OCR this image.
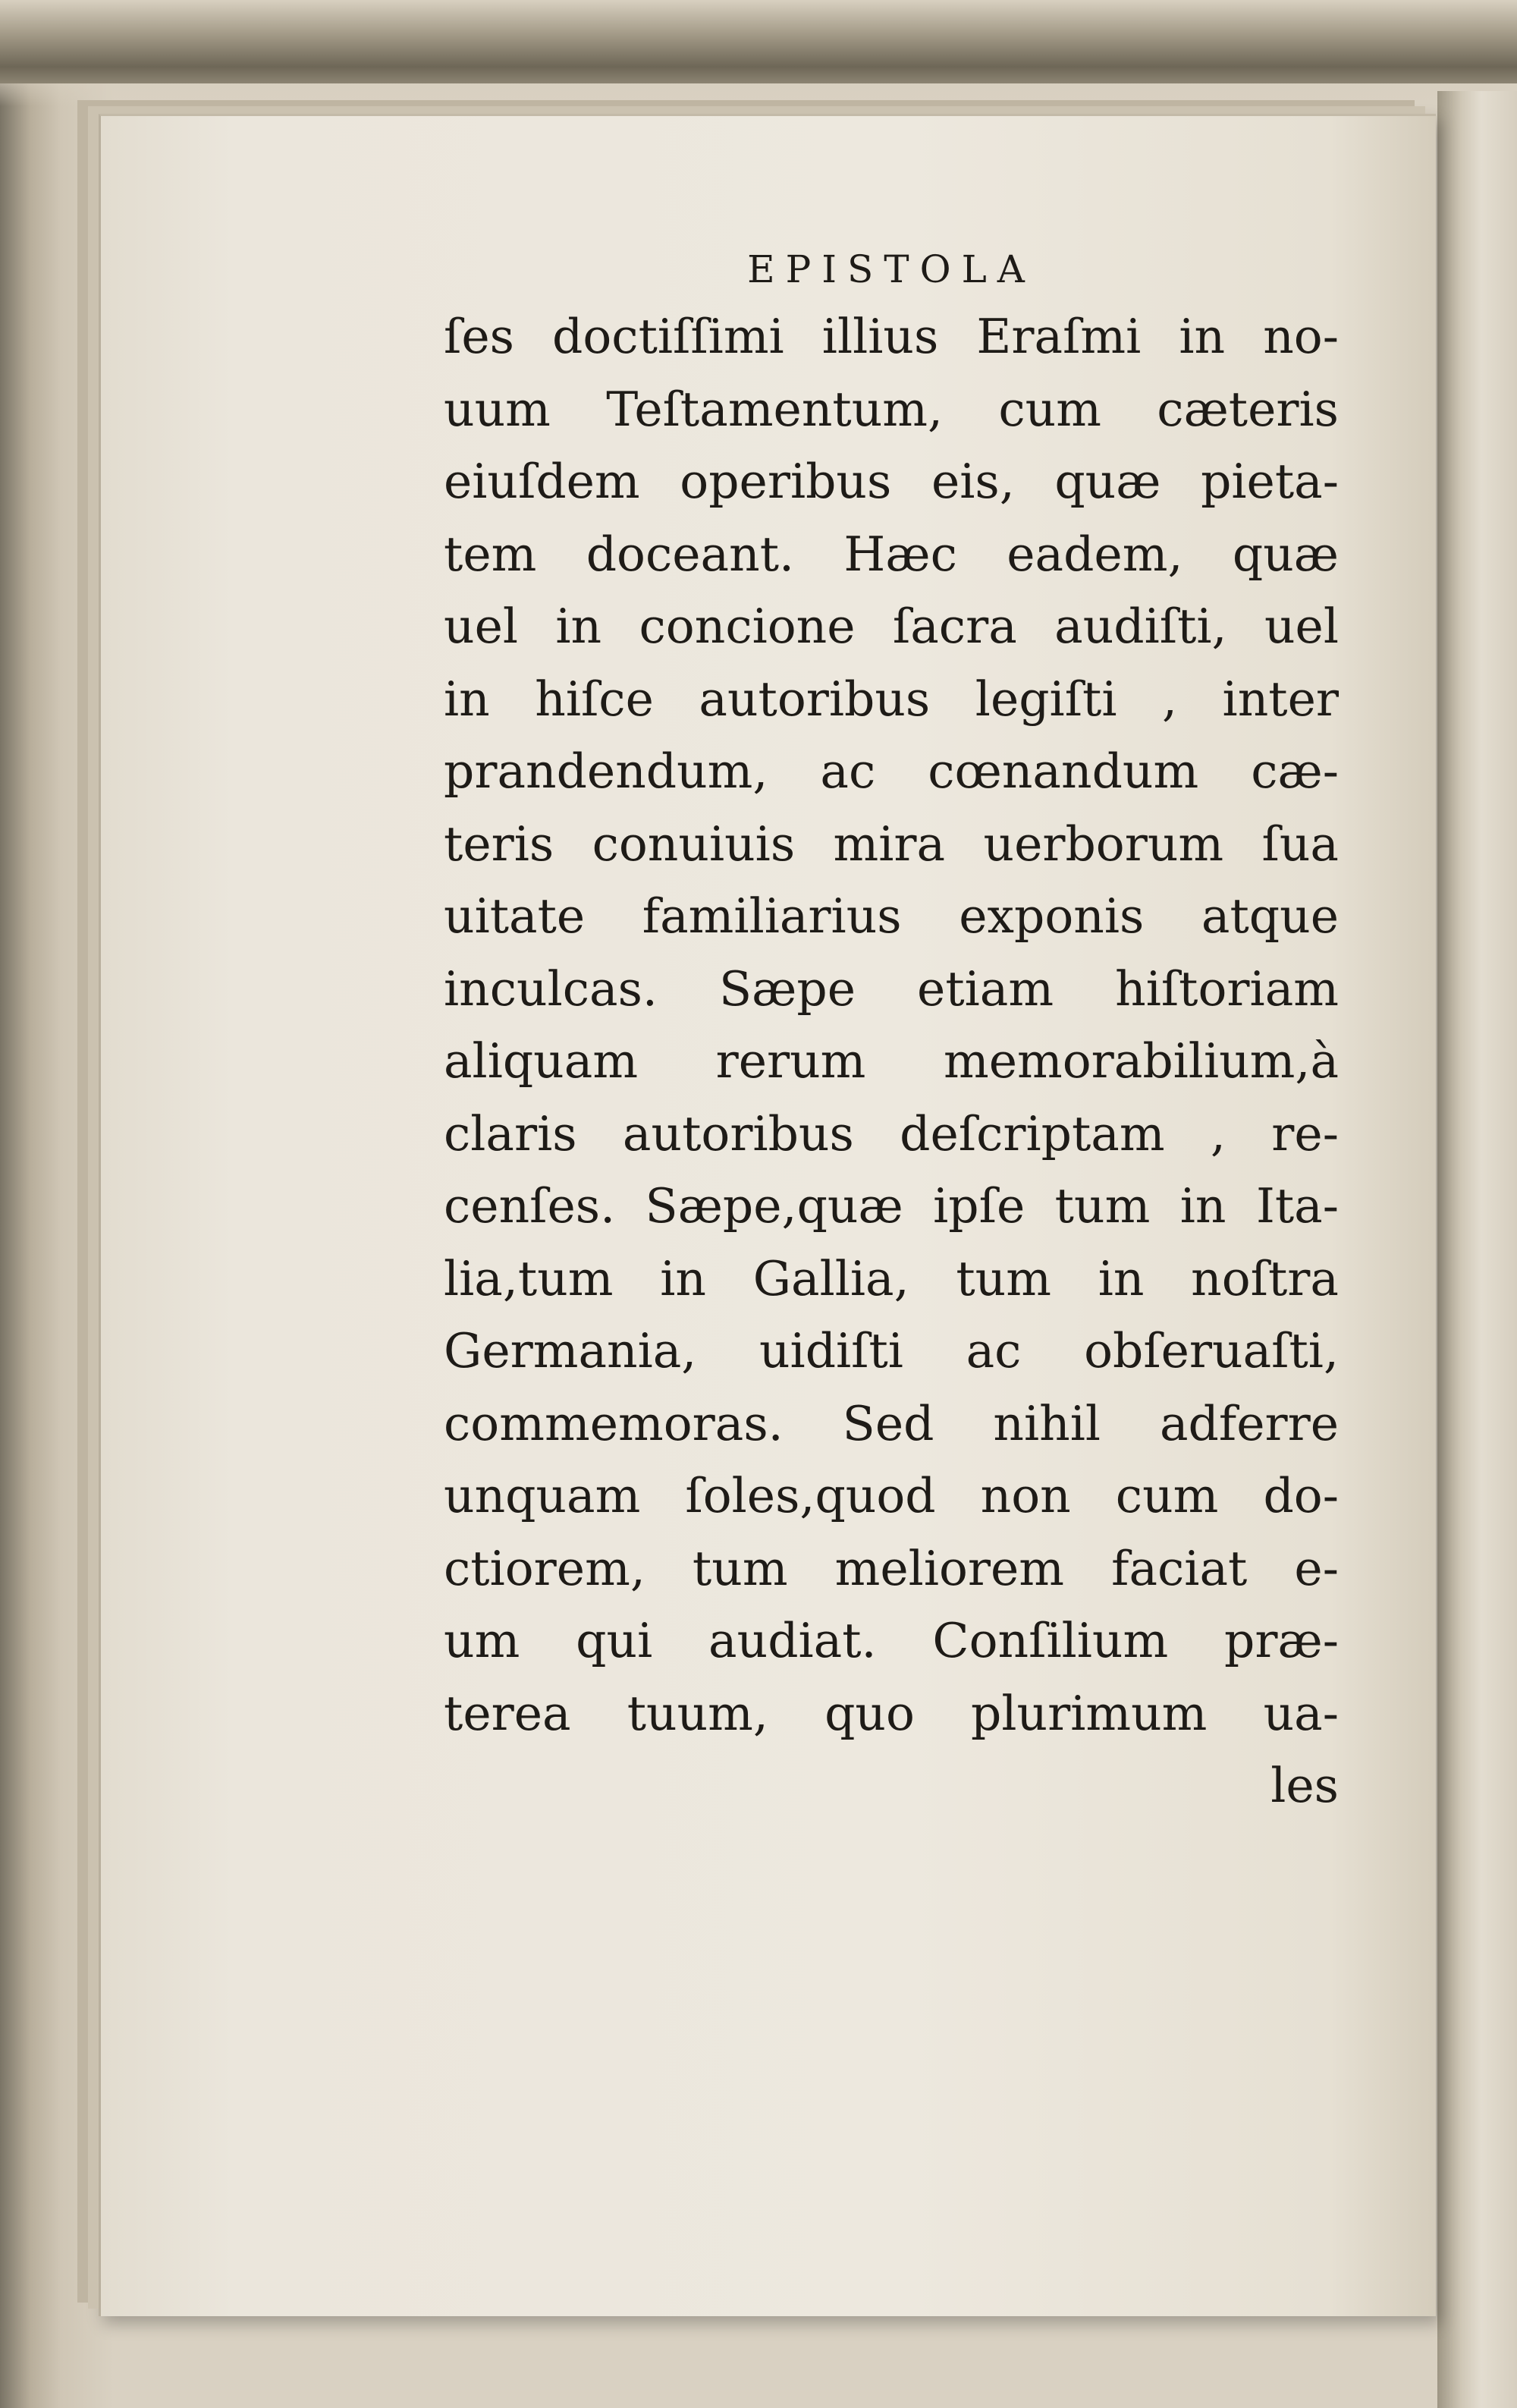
EPISTOLA
ſes doctiſſimi illius Eraſmi in no-
uum Teſtamentum, cum cæteris
eiuſdem operibus eis, quæ pieta-
tem doceant. Hæc eadem, quæ
uel in concione ſacra audiſti, uel
in hiſce autoribus legiſti , inter
prandendum, ac cœnandum cæ-
teris conuiuis mira uerborum ſua
uitate familiarius exponis atque
inculcas. Sæpe etiam hiſtoriam
aliquam rerum memorabilium,à
claris autoribus deſcriptam , re-
cenſes. Sæpe,quæ ipſe tum in Ita-
lia,tum in Gallia, tum in noſtra
Germania, uidiſti ac obſeruaſti,
commemoras. Sed nihil adferre
unquam ſoles,quod non cum do-
ctiorem, tum meliorem faciat e-
um qui audiat. Conſilium præ-
terea tuum, quo plurimum ua-
les
